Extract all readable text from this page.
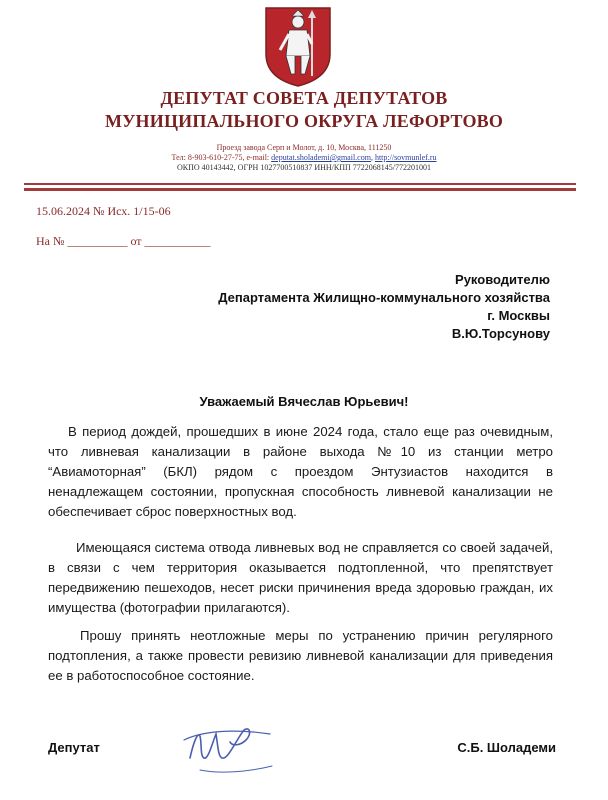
ДЕПУТАТ СОВЕТА ДЕПУТАТОВ
МУНИЦИПАЛЬНОГО ОКРУГА ЛЕФОРТОВО
Проезд завода Серп и Молот, д. 10, Москва, 111250
Тел: 8-903-610-27-75, e-mail: deputat.sholademi@gmail.com, http://sovmunlef.ru
ОКПО 40143442, ОГРН 1027700510837 ИНН/КПП 7722068145/772201001
15.06.2024 № Исх. 1/15-06
На № __________ от ___________
Руководителю
Департамента Жилищно-коммунального хозяйства
г. Москвы
В.Ю.Торсунову
Уважаемый Вячеслав Юрьевич!
В период дождей, прошедших в июне 2024 года, стало еще раз очевидным, что ливневая канализации в районе выхода №10 из станции метро “Авиамоторная” (БКЛ) рядом с проездом Энтузиастов находится в ненадлежащем состоянии, пропускная способность ливневой канализации не обеспечивает сброс поверхностных вод.
Имеющаяся система отвода ливневых вод не справляется со своей задачей, в связи с чем территория оказывается подтопленной, что препятствует передвижению пешеходов, несет риски причинения вреда здоровью граждан, их имущества (фотографии прилагаются).
Прошу принять неотложные меры по устранению причин регулярного подтопления, а также провести ревизию ливневой канализации для приведения ее в работоспособное состояние.
Депутат	С.Б. Шоладеми
